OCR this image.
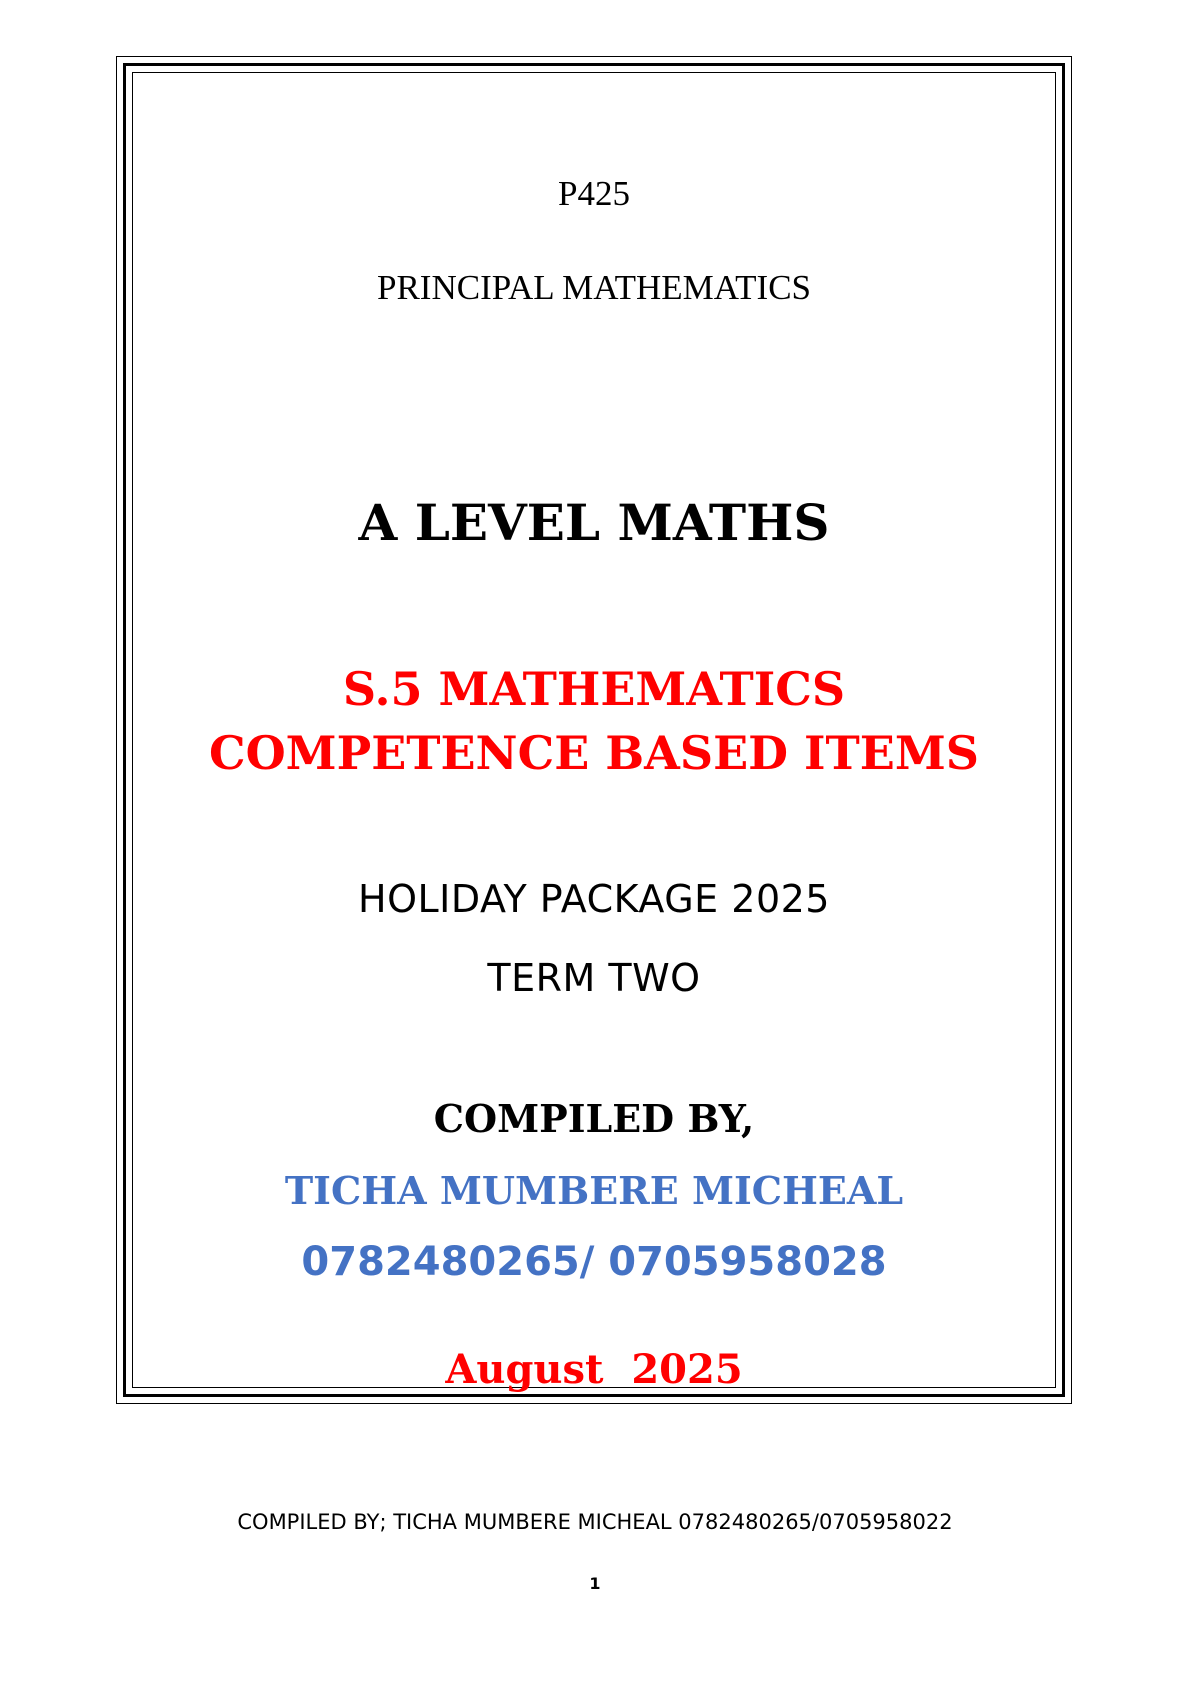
P425
PRINCIPAL MATHEMATICS
A LEVEL MATHS
S.5 MATHEMATICS
COMPETENCE BASED ITEMS
HOLIDAY PACKAGE 2025
TERM TWO
COMPILED BY,
TICHA MUMBERE MICHEAL
0782480265/ 0705958028
August  2025
COMPILED BY; TICHA MUMBERE MICHEAL 0782480265/0705958022
1
